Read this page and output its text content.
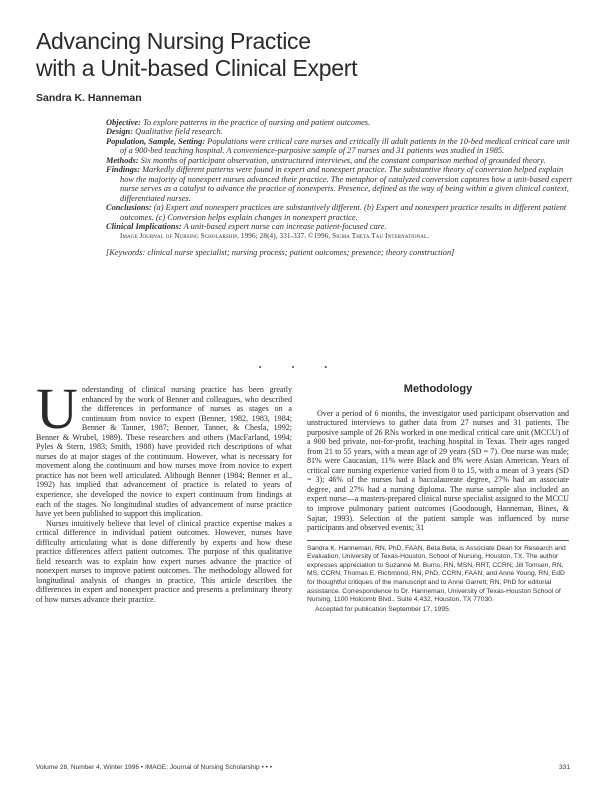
Advancing Nursing Practice
with a Unit-based Clinical Expert
Sandra K. Hanneman

Objective: To explore patterns in the practice of nursing and patient outcomes.

Design: Qualitative field research.

Population, Sample, Setting: Populations were critical care nurses and critically ill adult patients in the 10-bed medical critical care unit of a 900-bed teaching hospital. A convenience-purposive sample of 27 nurses and 31 patients was studied in 1985.

Methods: Six months of participant observation, unstructured interviews, and the constant comparison method of grounded theory.

Findings: Markedly different patterns were found in expert and nonexpert practice. The substantive theory of conversion helped explain how the majority of nonexpert nurses advanced their practice. The metaphor of catalyzed conversion captures how a unit-based expert nurse serves as a catalyst to advance the practice of nonexperts. Presence, defined as the way of being within a given clinical context, differentiated nurses.

Conclusions: (a) Expert and nonexpert practices are substantively different. (b) Expert and nonexpert practice results in different patient outcomes. (c) Conversion helps explain changes in nonexpert practice.

Clinical Implications: A unit-based expert nurse can increase patient-focused care.

Image Journal of Nursing Scholarship, 1996; 28(4), 331-337. ©1996, Sigma Theta Tau International.

[Keywords: clinical nurse specialist; nursing process; patient outcomes; presence; theory construction]

• • •

Understanding of clinical nursing practice has been greatly enhanced by the work of Benner and colleagues, who described the differences in performance of nurses as stages on a continuum from novice to expert (Benner, 1982, 1983, 1984; Benner & Tanner, 1987; Benner, Tanner, & Chesla, 1992; Benner & Wrubel, 1989). These researchers and others (MacFarland, 1994; Pyles & Stern, 1983; Smith, 1988) have provided rich descriptions of what nurses do at major stages of the continuum. However, what is necessary for movement along the continuum and how nurses move from novice to expert practice has not been well articulated. Although Benner (1984; Benner et al., 1992) has implied that advancement of practice is related to years of experience, she developed the novice to expert continuum from findings at each of the stages. No longitudinal studies of advancement of nurse practice have yet been published to support this implication.

Nurses intuitively believe that level of clinical practice expertise makes a critical difference in individual patient outcomes. However, nurses have difficulty articulating what is done differently by experts and how these practice differences affect patient outcomes. The purpose of this qualitative field research was to explain how expert nurses advance the practice of nonexpert nurses to improve patient outcomes. The methodology allowed for longitudinal analysis of changes in practice. This article describes the differences in expert and nonexpert practice and presents a preliminary theory of how nurses advance their practice.

Methodology

Over a period of 6 months, the investigator used participant observation and unstructured interviews to gather data from 27 nurses and 31 patients. The purposive sample of 26 RNs worked in one medical critical care unit (MCCU) of a 900 bed private, not-for-profit, teaching hospital in Texas. Their ages ranged from 21 to 55 years, with a mean age of 29 years (SD = 7). One nurse was male; 81% were Caucasian, 11% were Black and 8% were Asian American. Years of critical care nursing experience varied from 0 to 15, with a mean of 3 years (SD = 3); 46% of the nurses had a baccalaureate degree, 27% had an associate degree, and 27% had a nursing diploma. The nurse sample also included an expert nurse—a masters-prepared clinical nurse specialist assigned to the MCCU to improve pulmonary patient outcomes (Goodnough, Hanneman, Bines, & Sajtar, 1993). Selection of the patient sample was influenced by nurse participants and observed events; 31

Sandra K. Hanneman, RN, PhD, FAAN, Beta Beta, is Associate Dean for Research and Evaluation, University of Texas-Houston, School of Nursing, Houston, TX. The author expresses appreciation to Suzanne M. Burns, RN, MSN, RRT, CCRN; Jill Tomsen, RN, MS, CCRN; Thomas E. Richmond, RN, PhD, CCRN, FAAN; and Anne Young, RN, EdD for thoughtful critiques of the manuscript and to Anne Garrett, RN, PhD for editorial assistance. Correspondence to Dr. Hanneman, University of Texas-Houston School of Nursing, 1100 Holcomb Blvd., Suite 4.432, Houston, TX 77030.

Accepted for publication September 17, 1995.

Volume 28, Number 4, Winter 1996 • IMAGE: Journal of Nursing Scholarship • • •	331
